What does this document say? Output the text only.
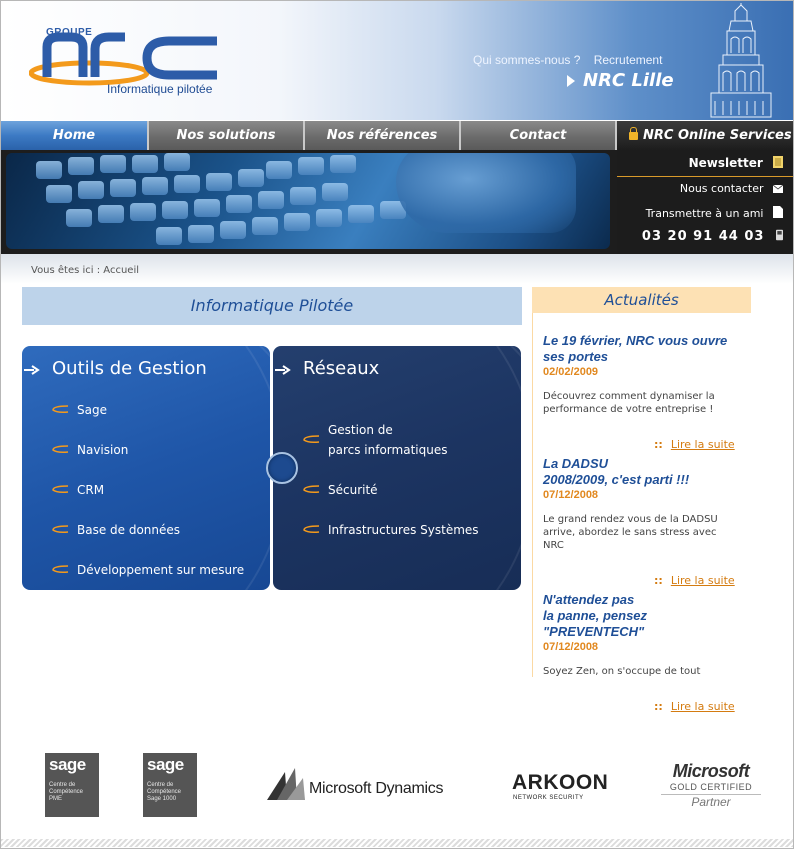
GROUPE
Informatique pilotée
Qui sommes-nous ? Recrutement
NRC Lille
Home	Nos solutions	Nos références	Contact	NRC Online Services
Newsletter
Nous contacter
Transmettre à un ami
03 20 91 44 03
Vous êtes ici : Accueil
Informatique Pilotée
Outils de Gestion
Sage
Navision
CRM
Base de données
Développement sur mesure
Réseaux
Gestion de
parcs informatiques
Sécurité
Infrastructures Systèmes
Actualités
Le 19 février, NRC vous ouvre
ses portes
02/02/2009
Découvrez comment dynamiser la
performance de votre entreprise !
:: Lire la suite
La DADSU
2008/2009, c'est parti !!!
07/12/2008
Le grand rendez vous de la DADSU
arrive, abordez le sans stress avec
NRC
:: Lire la suite
N'attendez pas
la panne, pensez
"PREVENTECH"
07/12/2008
Soyez Zen, on s'occupe de tout
:: Lire la suite
sage
Centre de Compétence PME
sage
Centre de Compétence Sage 1000
Microsoft Dynamics	ARKOON
NETWORK SECURITY
Microsoft
GOLD CERTIFIED
Partner
